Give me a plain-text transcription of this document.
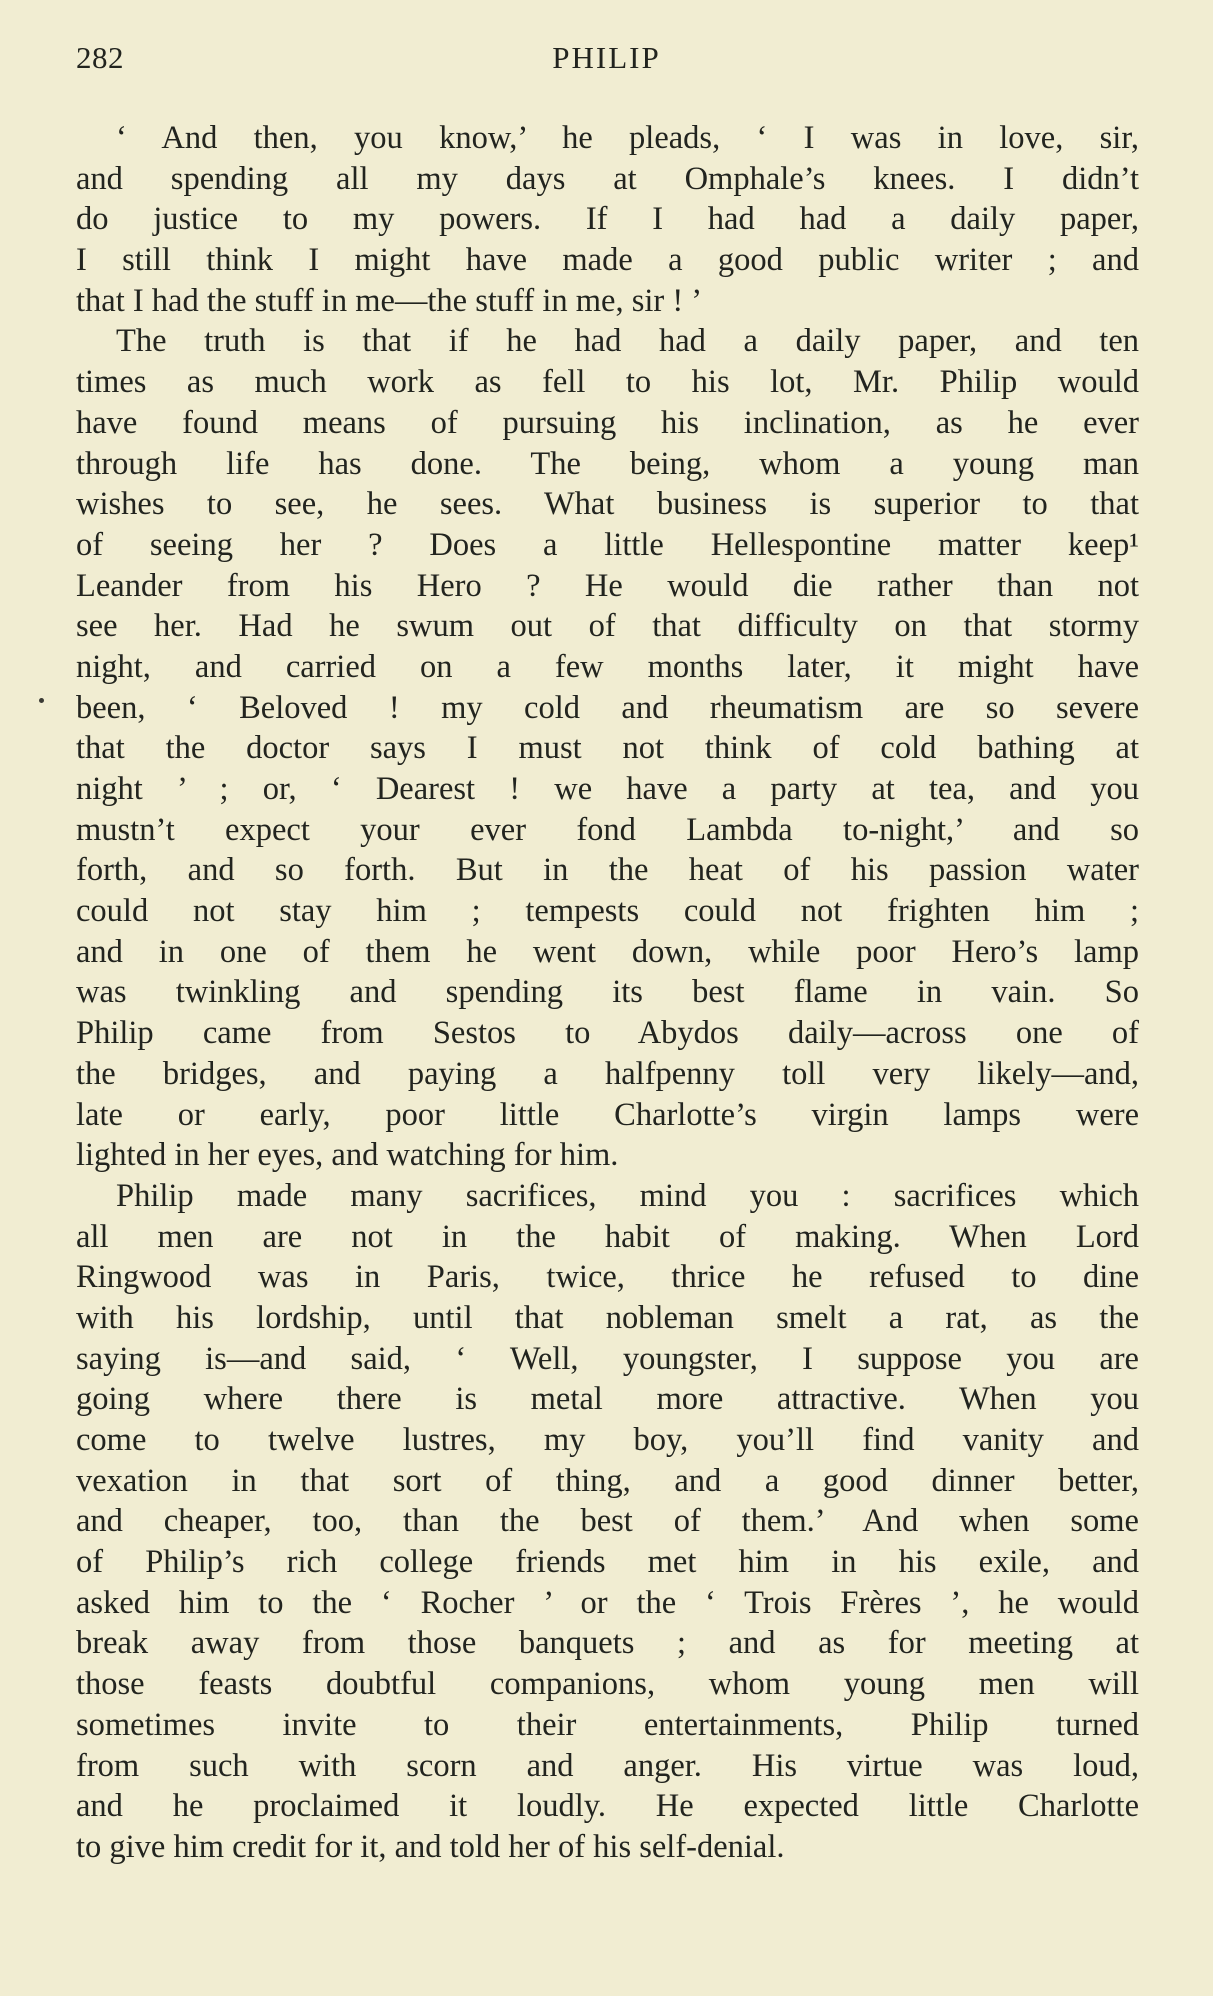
282	PHILIP
‘ And then, you know,’ he pleads, ‘ I was in love, sir,
and spending all my days at Omphale’s knees. I didn’t
do justice to my powers. If I had had a daily paper,
I still think I might have made a good public writer ; and
that I had the stuff in me—the stuff in me, sir ! ’
The truth is that if he had had a daily paper, and ten
times as much work as fell to his lot, Mr. Philip would
have found means of pursuing his inclination, as he ever
through life has done. The being, whom a young man
wishes to see, he sees. What business is superior to that
of seeing her ? Does a little Hellespontine matter keep¹
Leander from his Hero ? He would die rather than not
see her. Had he swum out of that difficulty on that stormy
night, and carried on a few months later, it might have
been, ‘ Beloved ! my cold and rheumatism are so severe
that the doctor says I must not think of cold bathing at
night ’ ; or, ‘ Dearest ! we have a party at tea, and you
mustn’t expect your ever fond Lambda to-night,’ and so
forth, and so forth. But in the heat of his passion water
could not stay him ; tempests could not frighten him ;
and in one of them he went down, while poor Hero’s lamp
was twinkling and spending its best flame in vain. So
Philip came from Sestos to Abydos daily—across one of
the bridges, and paying a halfpenny toll very likely—and,
late or early, poor little Charlotte’s virgin lamps were
lighted in her eyes, and watching for him.
Philip made many sacrifices, mind you : sacrifices which
all men are not in the habit of making. When Lord
Ringwood was in Paris, twice, thrice he refused to dine
with his lordship, until that nobleman smelt a rat, as the
saying is—and said, ‘ Well, youngster, I suppose you are
going where there is metal more attractive. When you
come to twelve lustres, my boy, you’ll find vanity and
vexation in that sort of thing, and a good dinner better,
and cheaper, too, than the best of them.’ And when some
of Philip’s rich college friends met him in his exile, and
asked him to the ‘ Rocher ’ or the ‘ Trois Frères ’, he would
break away from those banquets ; and as for meeting at
those feasts doubtful companions, whom young men will
sometimes invite to their entertainments, Philip turned
from such with scorn and anger. His virtue was loud,
and he proclaimed it loudly. He expected little Charlotte
to give him credit for it, and told her of his self-denial.
